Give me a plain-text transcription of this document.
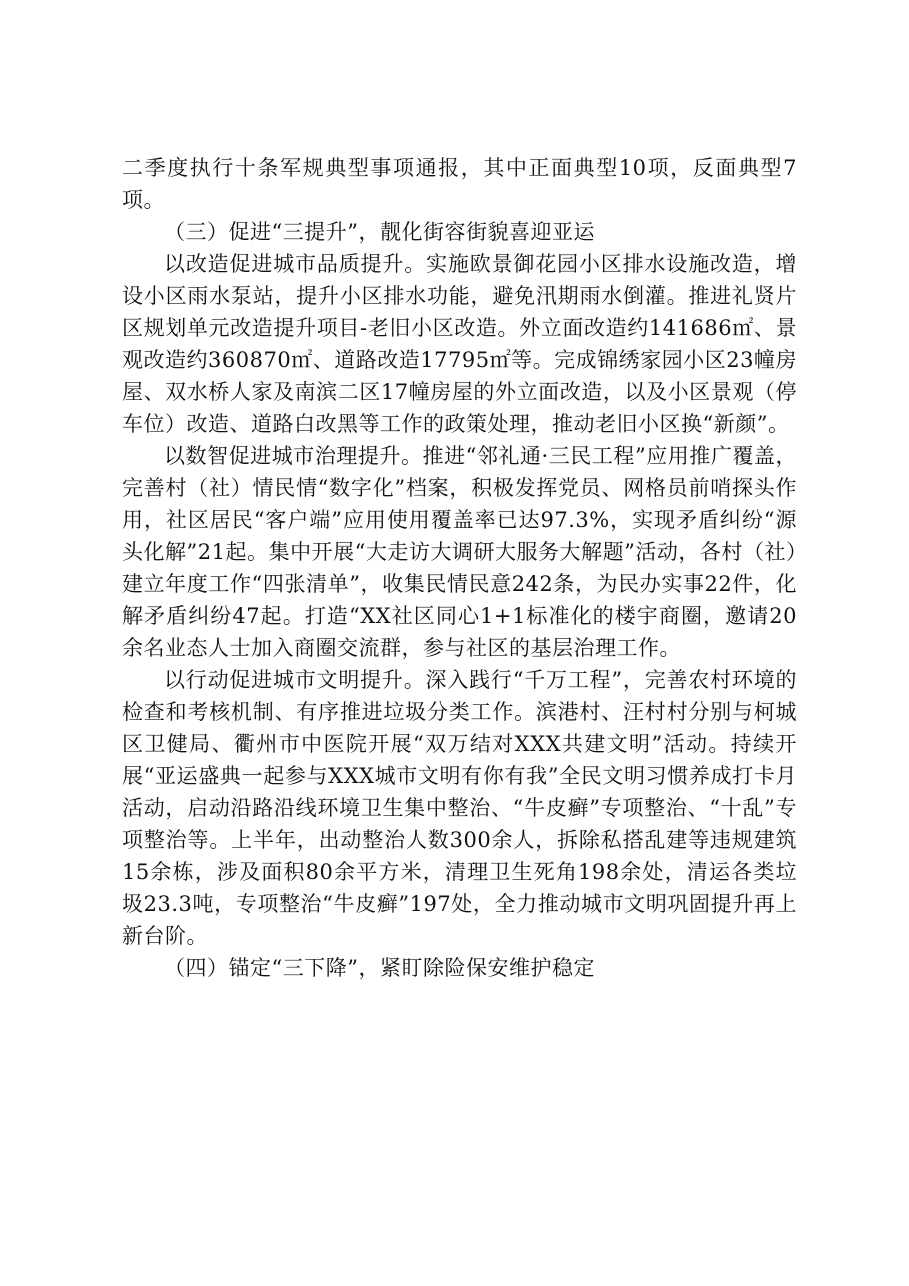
二季度执行十条军规典型事项通报，其中正面典型10项，反面典型7项。

（三）促进“三提升”，靓化街容街貌喜迎亚运

以改造促进城市品质提升。实施欧景御花园小区排水设施改造，增设小区雨水泵站，提升小区排水功能，避免汛期雨水倒灌。推进礼贤片区规划单元改造提升项目-老旧小区改造。外立面改造约141686㎡、景观改造约360870㎡、道路改造17795㎡等。完成锦绣家园小区23幢房屋、双水桥人家及南滨二区17幢房屋的外立面改造，以及小区景观（停车位）改造、道路白改黑等工作的政策处理，推动老旧小区换“新颜”。

以数智促进城市治理提升。推进“邻礼通·三民工程”应用推广覆盖，完善村（社）情民情“数字化”档案，积极发挥党员、网格员前哨探头作用，社区居民“客户端”应用使用覆盖率已达97.3%，实现矛盾纠纷“源头化解”21起。集中开展“大走访大调研大服务大解题”活动，各村（社）建立年度工作“四张清单”，收集民情民意242条，为民办实事22件，化解矛盾纠纷47起。打造“XX社区同心1+1标准化的楼宇商圈，邀请20余名业态人士加入商圈交流群，参与社区的基层治理工作。

以行动促进城市文明提升。深入践行“千万工程”，完善农村环境的检查和考核机制、有序推进垃圾分类工作。滨港村、汪村村分别与柯城区卫健局、衢州市中医院开展“双万结对XXX共建文明”活动。持续开展“亚运盛典一起参与XXX城市文明有你有我”全民文明习惯养成打卡月活动，启动沿路沿线环境卫生集中整治、“牛皮癣”专项整治、“十乱”专项整治等。上半年，出动整治人数300余人，拆除私搭乱建等违规建筑15余栋，涉及面积80余平方米，清理卫生死角198余处，清运各类垃圾23.3吨，专项整治“牛皮癣”197处，全力推动城市文明巩固提升再上新台阶。

（四）锚定“三下降”，紧盯除险保安维护稳定
